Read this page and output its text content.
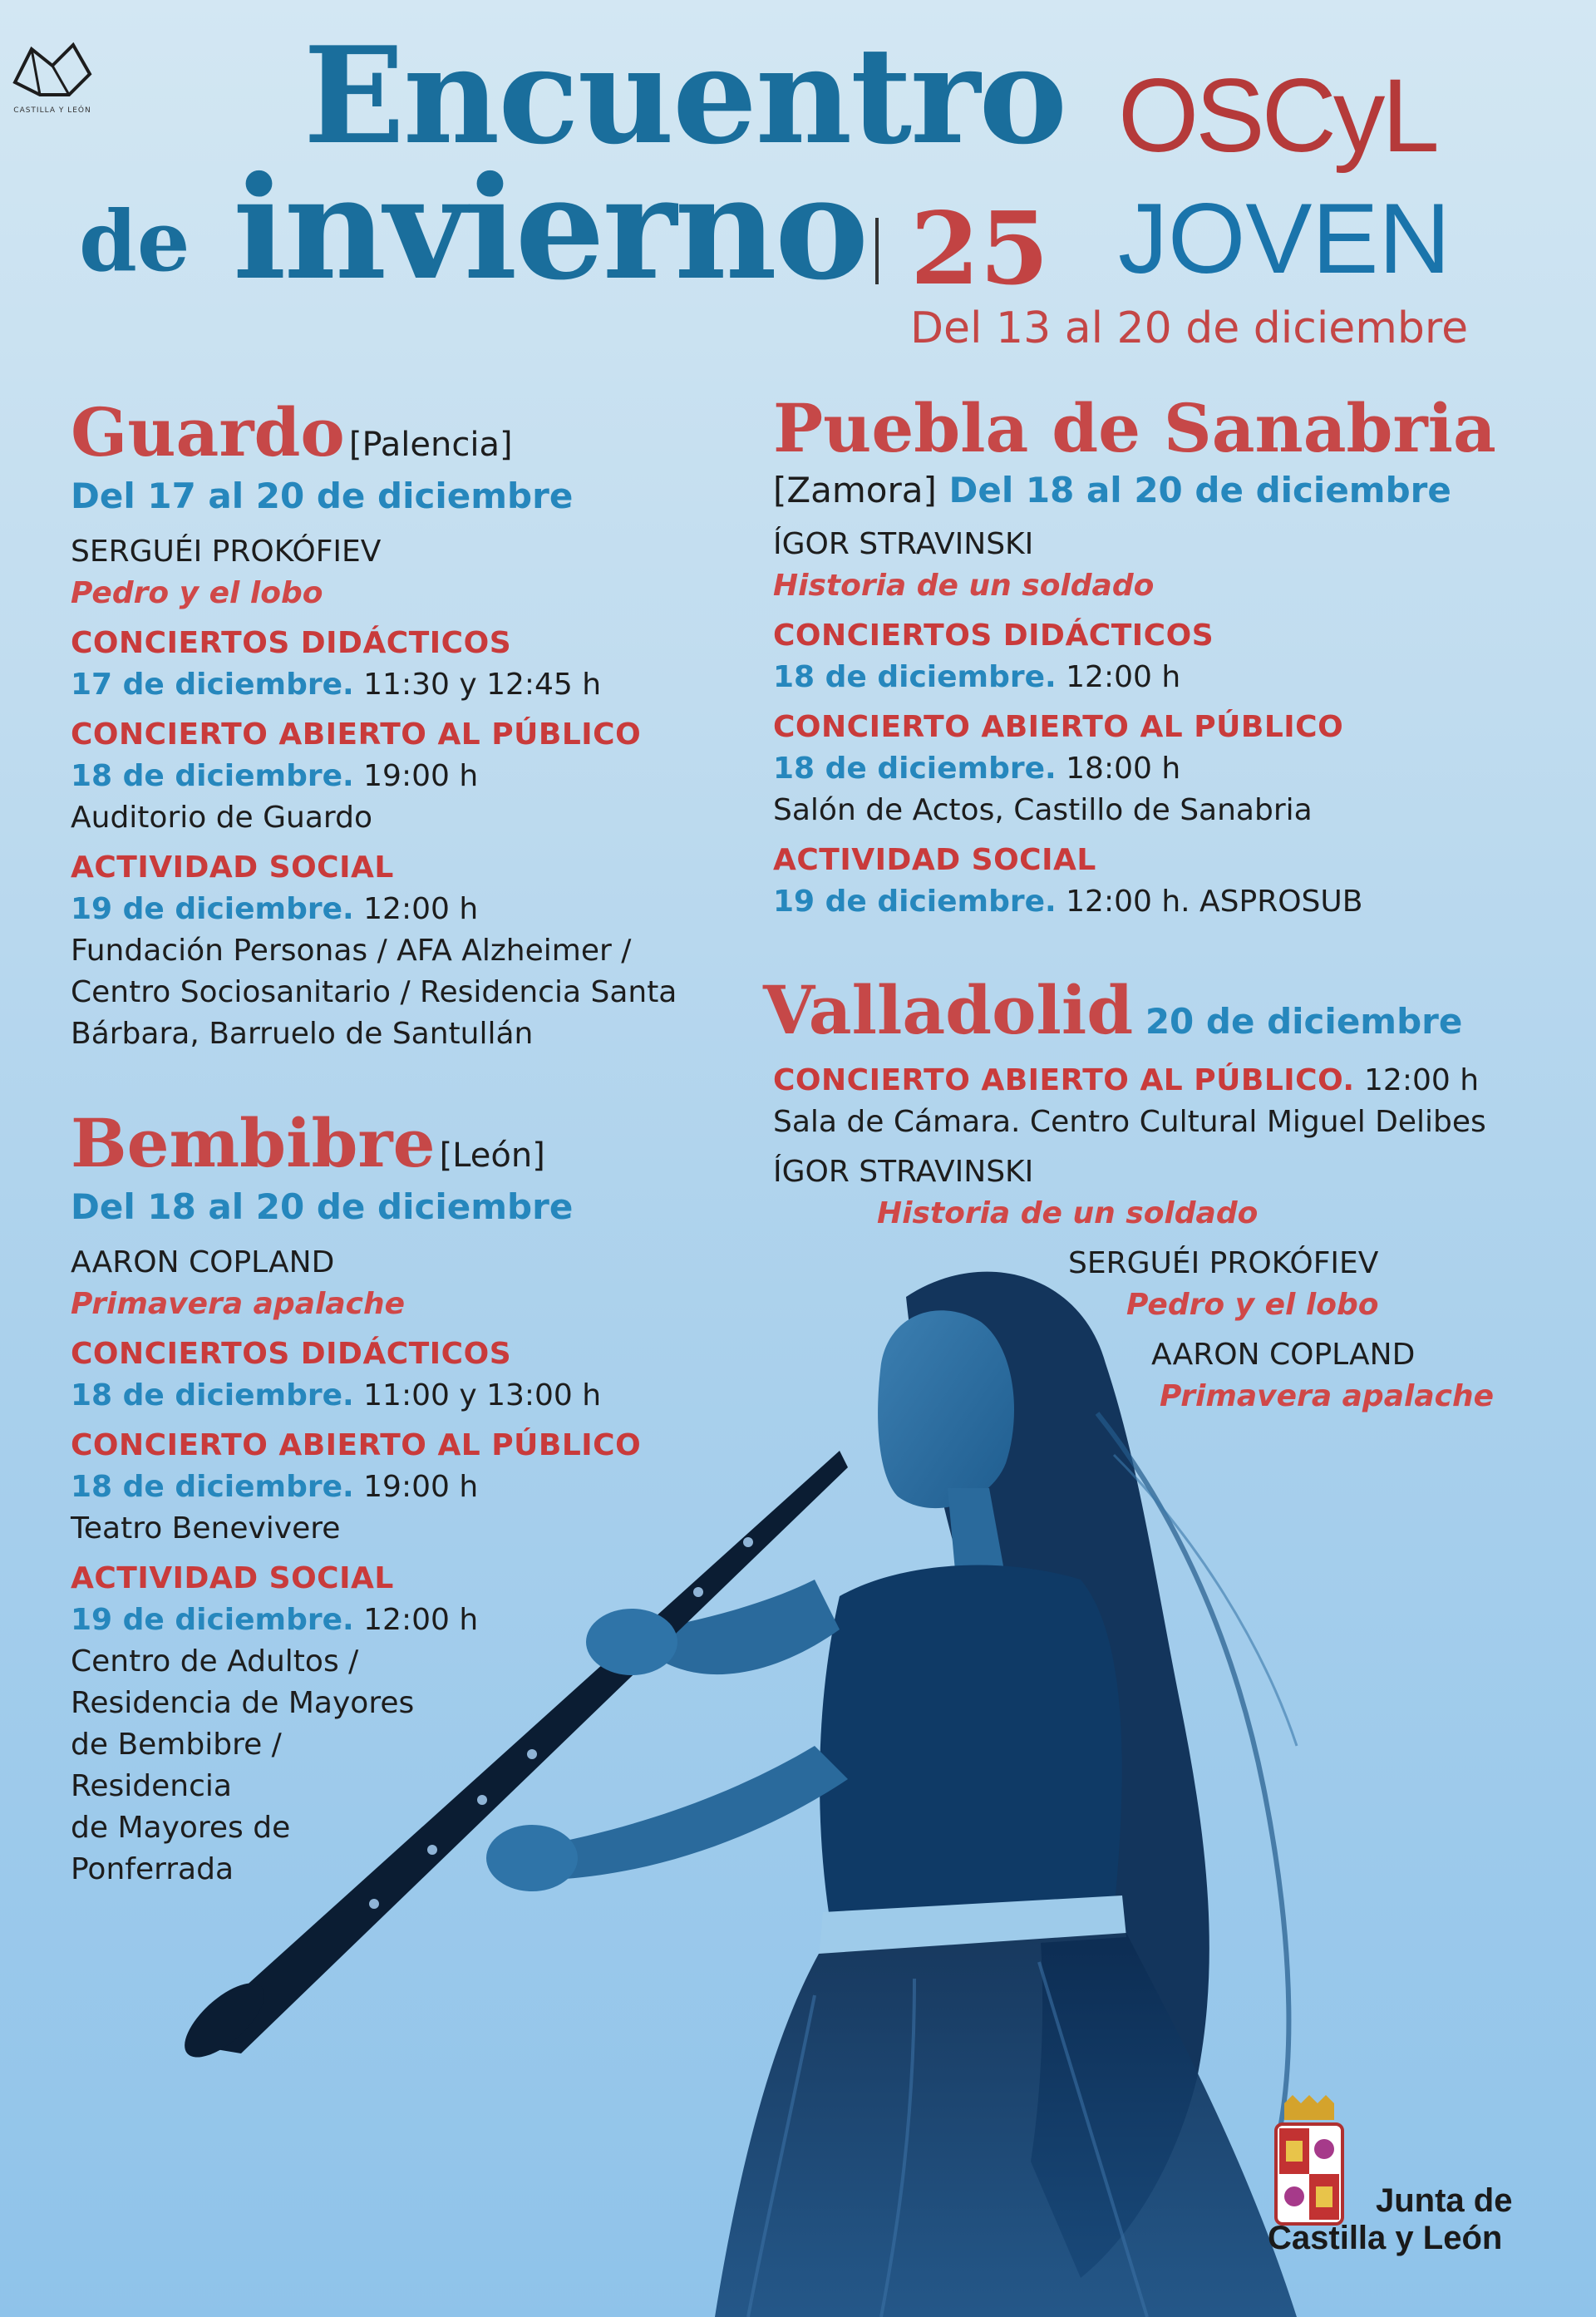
CASTILLA Y LEÓN Encuentro
de invierno 25
OSCyL
JOVEN
Del 13 al 20 de diciembre
Guardo [Palencia]
Del 17 al 20 de diciembre
SERGUÉI PROKÓFIEV
Pedro y el lobo
CONCIERTOS DIDÁCTICOS
17 de diciembre. 11:30 y 12:45 h
CONCIERTO ABIERTO AL PÚBLICO
18 de diciembre. 19:00 h
Auditorio de Guardo
ACTIVIDAD SOCIAL
19 de diciembre. 12:00 h
Fundación Personas / AFA Alzheimer /
Centro Sociosanitario / Residencia Santa
Bárbara, Barruelo de Santullán
Bembibre [León]
Del 18 al 20 de diciembre
AARON COPLAND
Primavera apalache
CONCIERTOS DIDÁCTICOS
18 de diciembre. 11:00 y 13:00 h
CONCIERTO ABIERTO AL PÚBLICO
18 de diciembre. 19:00 h
Teatro Benevivere
ACTIVIDAD SOCIAL
19 de diciembre. 12:00 h
Centro de Adultos /
Residencia de Mayores
de Bembibre /
Residencia
de Mayores de
Ponferrada
Puebla de Sanabria
[Zamora] Del 18 al 20 de diciembre
ÍGOR STRAVINSKI
Historia de un soldado
CONCIERTOS DIDÁCTICOS
18 de diciembre. 12:00 h
CONCIERTO ABIERTO AL PÚBLICO
18 de diciembre. 18:00 h
Salón de Actos, Castillo de Sanabria
ACTIVIDAD SOCIAL
19 de diciembre. 12:00 h. ASPROSUB
Valladolid 20 de diciembre
CONCIERTO ABIERTO AL PÚBLICO. 12:00 h
Sala de Cámara. Centro Cultural Miguel Delibes
ÍGOR STRAVINSKI
Historia de un soldado
SERGUÉI PROKÓFIEV
Pedro y el lobo
AARON COPLAND
Primavera apalache
Junta de
Castilla y León
